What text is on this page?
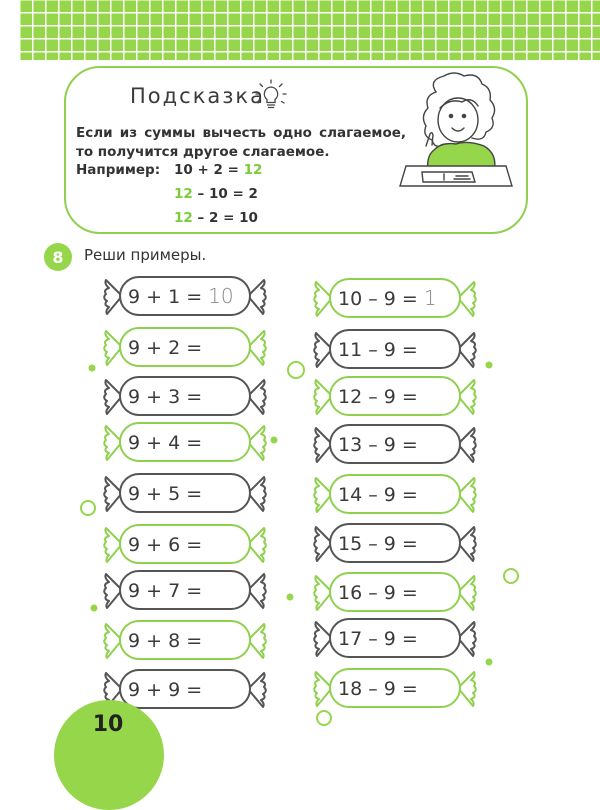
Подсказка

Если из суммы вычесть одно слагаемое, то получится другое слагаемое.

Например: 10 + 2 = 12
12 – 10 = 2
12 – 2 = 10
8	Реши примеры.
9 + 1 = 10
9 + 2 =
9 + 3 =
9 + 4 =
9 + 5 =
9 + 6 =
9 + 7 =
9 + 8 =
9 + 9 =
10 – 9 = 1
11 – 9 =
12 – 9 =
13 – 9 =
14 – 9 =
15 – 9 =
16 – 9 =
17 – 9 =
18 – 9 =
10
